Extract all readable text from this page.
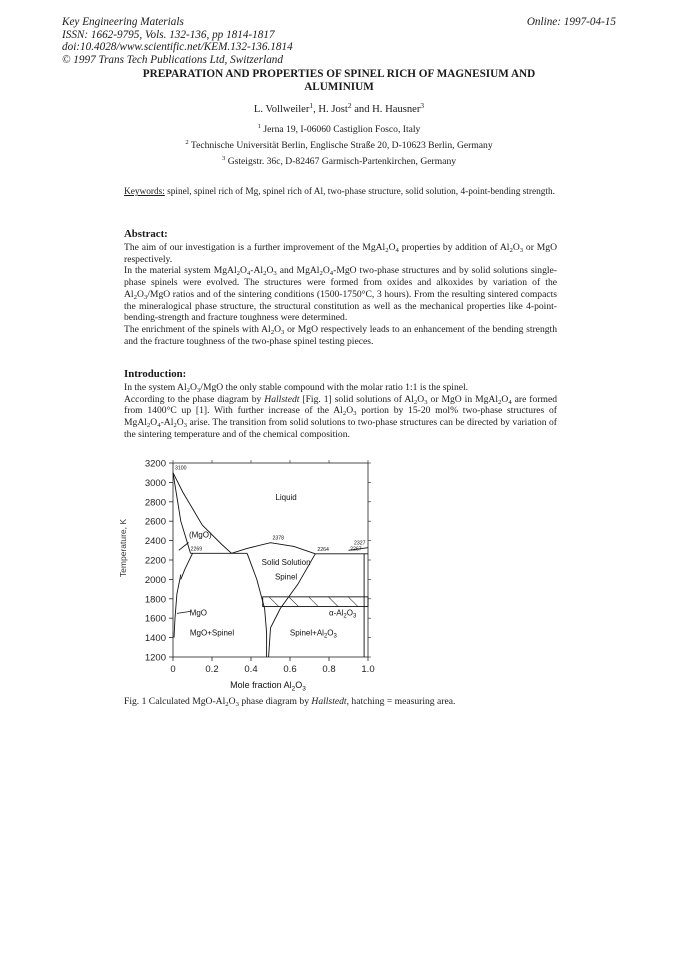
Key Engineering Materials
ISSN: 1662-9795, Vols. 132-136, pp 1814-1817
doi:10.4028/www.scientific.net/KEM.132-136.1814
© 1997 Trans Tech Publications Ltd, Switzerland
Online: 1997-04-15
PREPARATION AND PROPERTIES OF SPINEL RICH OF MAGNESIUM AND
ALUMINIUM
L. Vollweiler$^1$, H. Jost$^2$ and H. Hausner$^3$
$^1$ Jerna 19, I-06060 Castiglion Fosco, Italy
$^2$ Technische Universität Berlin, Englische Straße 20, D-10623 Berlin, Germany
$^3$ Gsteigstr. 36c, D-82467 Garmisch-Partenkirchen, Germany
Keywords: spinel, spinel rich of Mg, spinel rich of Al, two-phase structure, solid solution, 4-point-bending strength.
Abstract:

The aim of our investigation is a further improvement of the $MgAl_2O_4$ properties by addition of $Al_2O_3$ or MgO respectively.

In the material system $MgAl_2O_4-Al_2O_3$ and $MgAl_2O_4$-MgO two-phase structures and by solid solutions single-phase spinels were evolved. The structures were formed from oxides and alkoxides by variation of the $Al_2O_3$/MgO ratios and of the sintering conditions (1500-1750°C, 3 hours). From the resulting sintered compacts the mineralogical phase structure, the structural constitution as well as the mechanical properties like 4-point-bending-strength and fracture toughness were determined.

The enrichment of the spinels with $Al_2O_3$ or MgO respectively leads to an enhancement of the bending strength and the fracture toughness of the two-phase spinel testing pieces.

Introduction:

In the system $Al_2O_3$/MgO the only stable compound with the molar ratio 1:1 is the spinel.

According to the phase diagram by Hallstedt [Fig. 1] solid solutions of $Al_2O_3$ or MgO in $MgAl_2O_4$ are formed from 1400°C up [1]. With further increase of the $Al_2O_3$ portion by 15-20 mol% two-phase structures of $MgAl_2O_4-Al_2O_3$ arise. The transition from solid solutions to two-phase structures can be directed by variation of the sintering temperature and of the chemical composition.

3200
3000
2800
2600
2400
2200
2000
1800
1600
1400
1200
0	0.2	0.4	0.6	0.8	1.0
3100
2269
2378
2264
2327
2267
Liquid
(MgO)
Solid Solution
Spinel
MgO
MgO+Spinel	$Spinel+Al_2O_3$
$\alpha-Al_2O_3$
Temperature, K
Mole fraction $Al_2O_3$
Fig. 1 Calculated MgO-$Al_2O_3$ phase diagram by Hallstedt, hatching = measuring area.
